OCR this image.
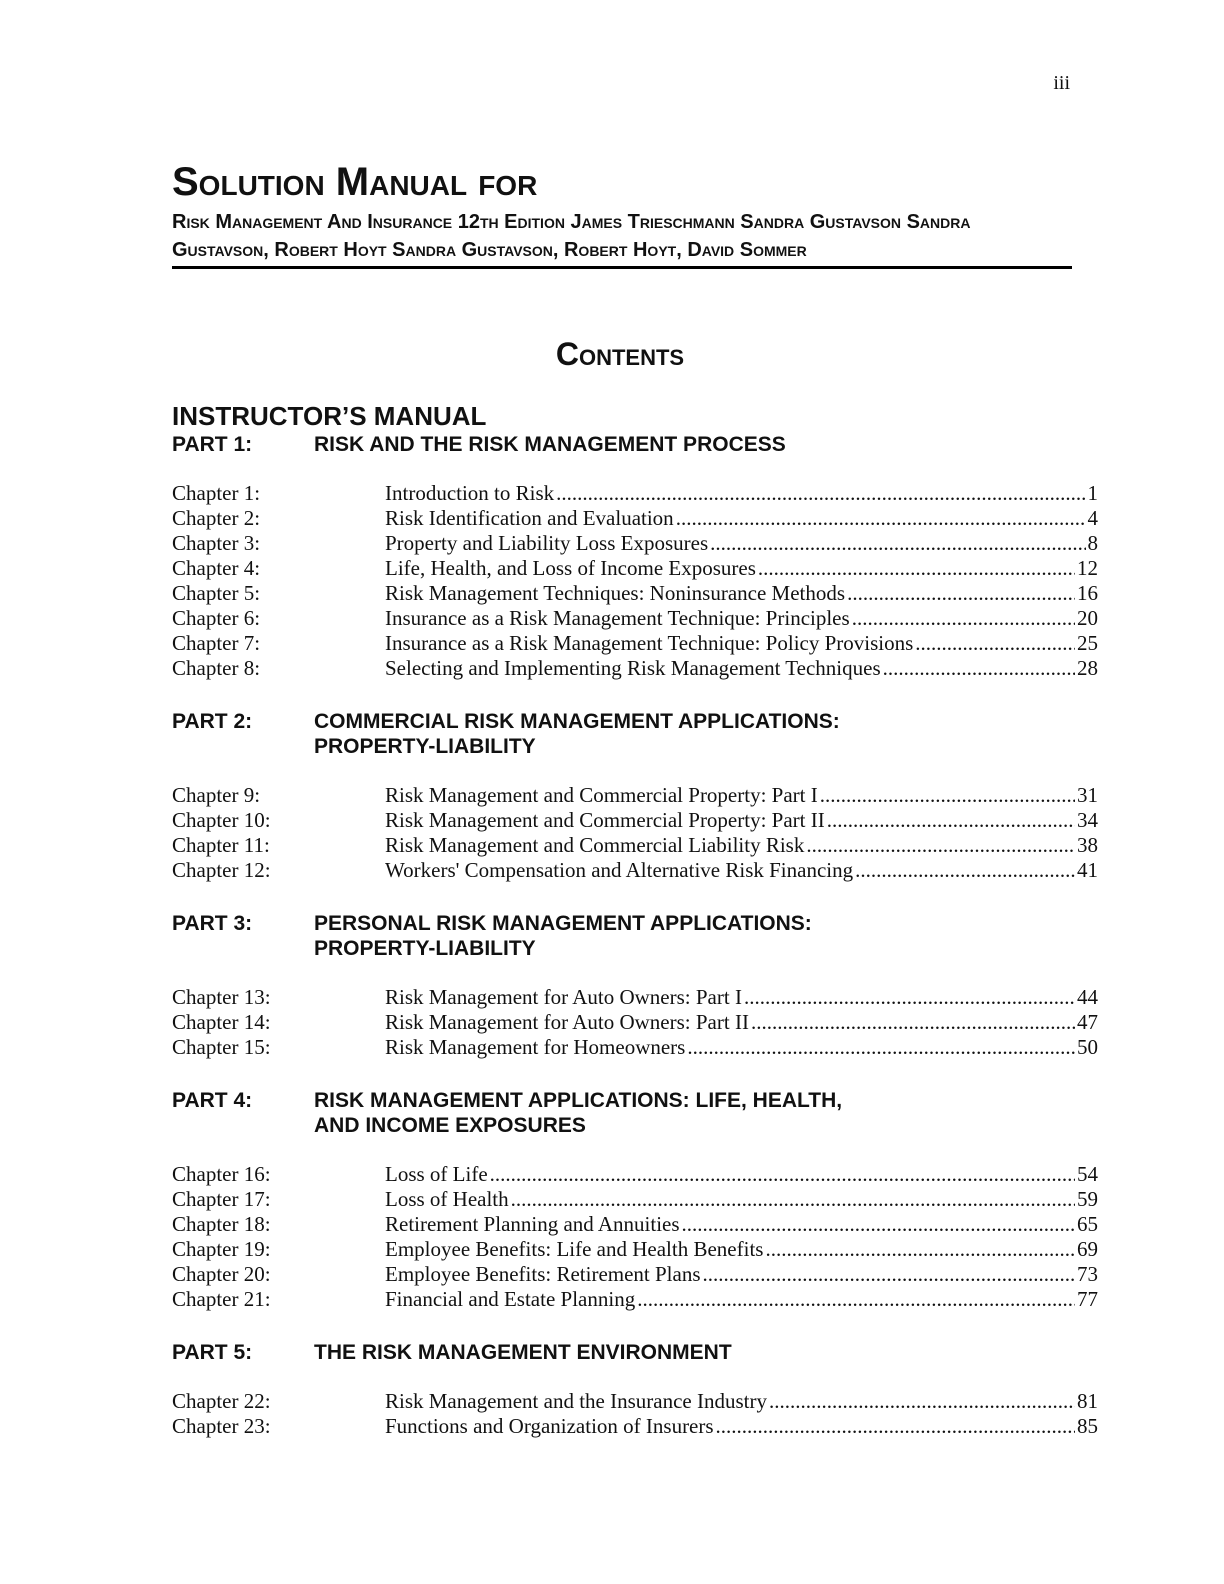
iii
Solution Manual for

Risk Management And Insurance 12th Edition James Trieschmann Sandra Gustavson Sandra Gustavson, Robert Hoyt Sandra Gustavson, Robert Hoyt, David Sommer

Contents
INSTRUCTOR’S MANUAL
PART 1:	RISK AND THE RISK MANAGEMENT PROCESS
Chapter 1:	Introduction to Risk .....	1
Chapter 2:	Risk Identification and Evaluation .....	4
Chapter 3:	Property and Liability Loss Exposures .....	8
Chapter 4:	Life, Health, and Loss of Income Exposures .....	12
Chapter 5:	Risk Management Techniques: Noninsurance Methods .....	16
Chapter 6:	Insurance as a Risk Management Technique: Principles .....	20
Chapter 7:	Insurance as a Risk Management Technique: Policy Provisions .....	25
Chapter 8:	Selecting and Implementing Risk Management Techniques .....	28
PART 2:	COMMERCIAL RISK MANAGEMENT APPLICATIONS:
PROPERTY-LIABILITY
Chapter 9:	Risk Management and Commercial Property: Part I .....	31
Chapter 10:	Risk Management and Commercial Property: Part II .....	34
Chapter 11:	Risk Management and Commercial Liability Risk .....	38
Chapter 12:	Workers' Compensation and Alternative Risk Financing .....	41
PART 3:	PERSONAL RISK MANAGEMENT APPLICATIONS:
PROPERTY-LIABILITY
Chapter 13:	Risk Management for Auto Owners: Part I .....	44
Chapter 14:	Risk Management for Auto Owners: Part II .....	47
Chapter 15:	Risk Management for Homeowners .....	50
PART 4:	RISK MANAGEMENT APPLICATIONS: LIFE, HEALTH,
AND INCOME EXPOSURES
Chapter 16:	Loss of Life .....	54
Chapter 17:	Loss of Health .....	59
Chapter 18:	Retirement Planning and Annuities .....	65
Chapter 19:	Employee Benefits: Life and Health Benefits .....	69
Chapter 20:	Employee Benefits: Retirement Plans .....	73
Chapter 21:	Financial and Estate Planning .....	77
PART 5:	THE RISK MANAGEMENT ENVIRONMENT
Chapter 22:	Risk Management and the Insurance Industry .....	81
Chapter 23:	Functions and Organization of Insurers .....	85
